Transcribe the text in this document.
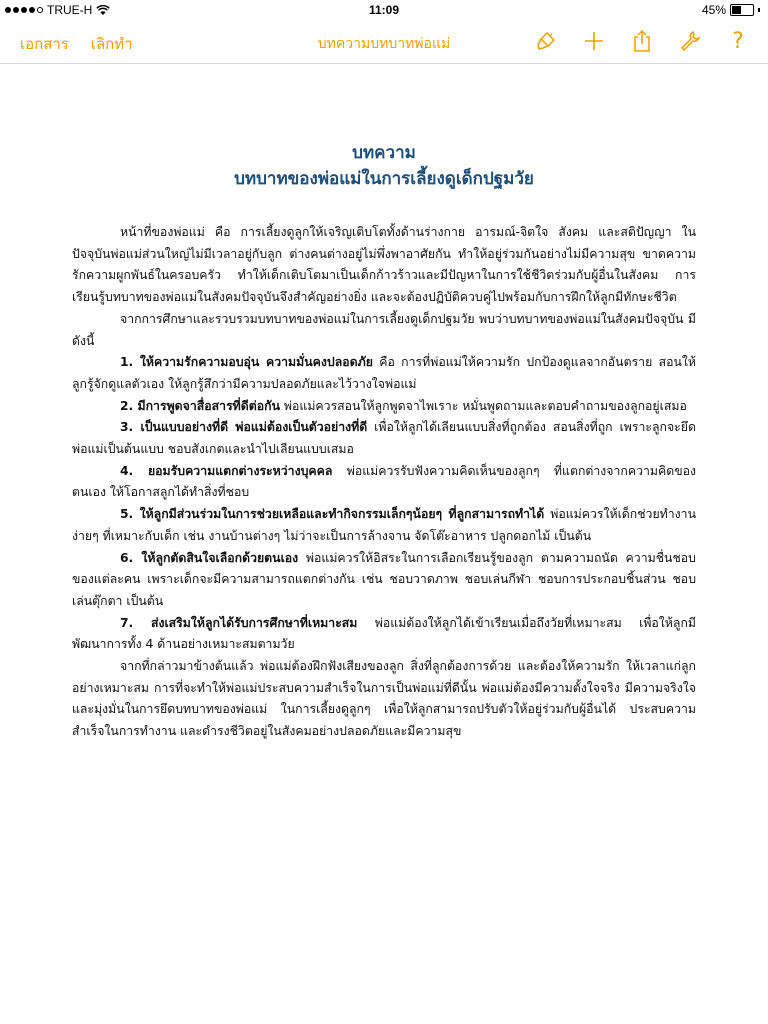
TRUE-H	11:09	45%
เอกสาร เลิกทำ	บทความบทบาทพ่อแม่	?
บทความ
บทบาทของพ่อแม่ในการเลี้ยงดูเด็กปฐมวัย

หน้าที่ของพ่อแม่ คือ การเลี้ยงดูลูกให้เจริญเติบโตทั้งด้านร่างกาย อารมณ์-จิตใจ สังคม และสติปัญญา ในปัจจุบันพ่อแม่ส่วนใหญ่ไม่มีเวลาอยู่กับลูก ต่างคนต่างอยู่ไม่พึ่งพาอาศัยกัน ทำให้อยู่ร่วมกันอย่างไม่มีความสุข ขาดความรักความผูกพันธ์ในครอบครัว ทำให้เด็กเติบโตมาเป็นเด็กก้าวร้าวและมีปัญหาในการใช้ชีวิตร่วมกับผู้อื่นในสังคม การเรียนรู้บทบาทของพ่อแม่ในสังคมปัจจุบันจึงสำคัญอย่างยิ่ง และจะต้องปฏิบัติควบคู่ไปพร้อมกับการฝึกให้ลูกมีทักษะชีวิต

จากการศึกษาและรวบรวมบทบาทของพ่อแม่ในการเลี้ยงดูเด็กปฐมวัย พบว่าบทบาทของพ่อแม่ในสังคมปัจจุบัน มีดังนี้

1. ให้ความรักความอบอุ่น ความมั่นคงปลอดภัย คือ การที่พ่อแม่ให้ความรัก ปกป้องดูแลจากอันตราย สอนให้ลูกรู้จักดูแลตัวเอง ให้ลูกรู้สึกว่ามีความปลอดภัยและไว้วางใจพ่อแม่

2. มีการพูดจาสื่อสารที่ดีต่อกัน พ่อแม่ควรสอนให้ลูกพูดจาไพเราะ หมั่นพูดถามและตอบคำถามของลูกอยู่เสมอ

3. เป็นแบบอย่างที่ดี พ่อแม่ต้องเป็นตัวอย่างที่ดี เพื่อให้ลูกได้เลียนแบบสิ่งที่ถูกต้อง สอนสิ่งที่ถูก เพราะลูกจะยึดพ่อแม่เป็นต้นแบบ ชอบสังเกตและนำไปเลียนแบบเสมอ

4. ยอมรับความแตกต่างระหว่างบุคคล พ่อแม่ควรรับฟังความคิดเห็นของลูกๆ ที่แตกต่างจากความคิดของตนเอง ให้โอกาสลูกได้ทำสิ่งที่ชอบ

5. ให้ลูกมีส่วนร่วมในการช่วยเหลือและทำกิจกรรมเล็กๆน้อยๆ ที่ลูกสามารถทำได้ พ่อแม่ควรให้เด็กช่วยทำงานง่ายๆ ที่เหมาะกับเด็ก เช่น งานบ้านต่างๆ ไม่ว่าจะเป็นการล้างจาน จัดโต๊ะอาหาร ปลูกดอกไม้ เป็นต้น

6. ให้ลูกตัดสินใจเลือกด้วยตนเอง พ่อแม่ควรให้อิสระในการเลือกเรียนรู้ของลูก ตามความถนัด ความชื่นชอบของแต่ละคน เพราะเด็กจะมีความสามารถแตกต่างกัน เช่น ชอบวาดภาพ ชอบเล่นกีฬา ชอบการประกอบชิ้นส่วน ชอบเล่นตุ๊กตา เป็นต้น

7. ส่งเสริมให้ลูกได้รับการศึกษาที่เหมาะสม พ่อแม่ต้องให้ลูกได้เข้าเรียนเมื่อถึงวัยที่เหมาะสม เพื่อให้ลูกมีพัฒนาการทั้ง 4 ด้านอย่างเหมาะสมตามวัย

จากที่กล่าวมาข้างต้นแล้ว พ่อแม่ต้องฝึกฟังเสียงของลูก สิ่งที่ลูกต้องการด้วย และต้องให้ความรัก ให้เวลาแก่ลูกอย่างเหมาะสม การที่จะทำให้พ่อแม่ประสบความสำเร็จในการเป็นพ่อแม่ที่ดีนั้น พ่อแม่ต้องมีความตั้งใจจริง มีความจริงใจ และมุ่งมั่นในการยึดบทบาทของพ่อแม่ ในการเลี้ยงดูลูกๆ เพื่อให้ลูกสามารถปรับตัวให้อยู่ร่วมกับผู้อื่นได้ ประสบความสำเร็จในการทำงาน และดำรงชีวิตอยู่ในสังคมอย่างปลอดภัยและมีความสุข
